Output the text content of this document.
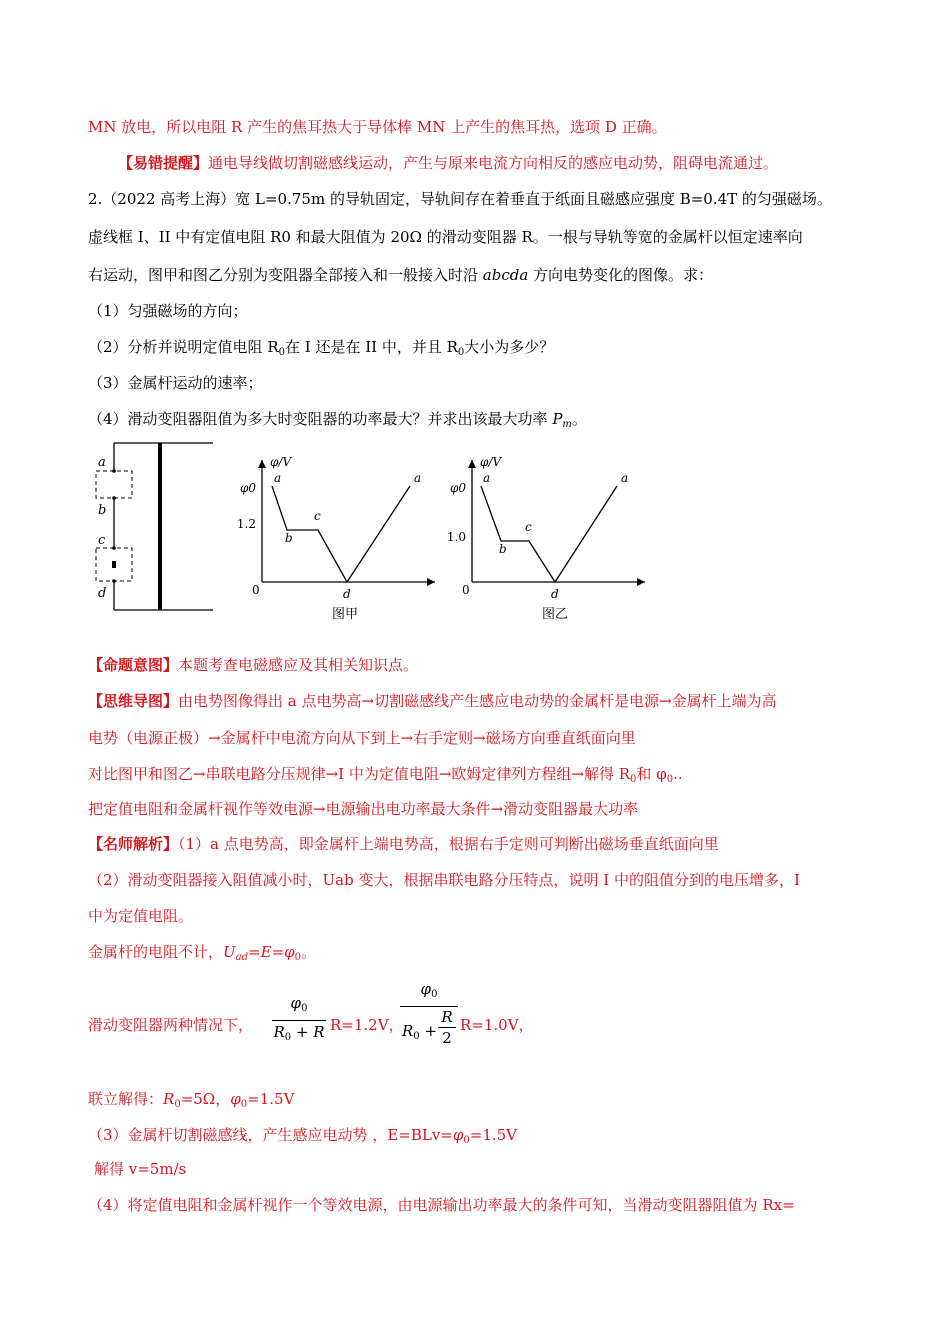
MN 放电，所以电阻 R 产生的焦耳热大于导体棒 MN 上产生的焦耳热，选项 D 正确。
【易错提醒】通电导线做切割磁感线运动，产生与原来电流方向相反的感应电动势，阻碍电流通过。
2.（2022 高考上海）宽 L=0.75m 的导轨固定，导轨间存在着垂直于纸面且磁感应强度 B=0.4T 的匀强磁场。
虚线框 I、II 中有定值电阻 R0 和最大阻值为 20Ω 的滑动变阻器 R。一根与导轨等宽的金属杆以恒定速率向
右运动，图甲和图乙分别为变阻器全部接入和一般接入时沿 abcda 方向电势变化的图像。求：
（1）匀强磁场的方向；
（2）分析并说明定值电阻 $R_0$在 I 还是在 II 中，并且 $R_0$大小为多少？
（3）金属杆运动的速率；
（4）滑动变阻器阻值为多大时变阻器的功率最大？并求出该最大功率 $P_m$。
a
b
c
d
φ/V
0
φ0
1.2
a
b
c
d
a
图甲
φ/V
0
φ0
1.0
a
b
c
d
a
图乙
【命题意图】本题考查电磁感应及其相关知识点。
【思维导图】由电势图像得出 a 点电势高→切割磁感线产生感应电动势的金属杆是电源→金属杆上端为高
电势（电源正极）→金属杆中电流方向从下到上→右手定则→磁场方向垂直纸面向里
对比图甲和图乙→串联电路分压规律→I 中为定值电阻→欧姆定律列方程组→解得 $R_0$和 $\varphi_0$..
把定值电阻和金属杆视作等效电源→电源输出电功率最大条件→滑动变阻器最大功率
【名师解析】（1）a 点电势高，即金属杆上端电势高，根据右手定则可判断出磁场垂直纸面向里
（2）滑动变阻器接入阻值减小时，Uab 变大，根据串联电路分压特点，说明 I 中的阻值分到的电压增多，I
中为定值电阻。
金属杆的电阻不计，$U_{ad}=E=\varphi_0$。
滑动变阻器两种情况下，
$\varphi_0$
$R_0 + R$ R=1.2V，
$\varphi_0$
$R_0$ +
R
2
R=1.0V，
联立解得：$R_0=5\Omega$，$\varphi_0=1.5V$
（3）金属杆切割磁感线，产生感应电动势 ，$E=BLv=\varphi_0=1.5V$
解得 v=5m/s
（4）将定值电阻和金属杆视作一个等效电源，由电源输出功率最大的条件可知，当滑动变阻器阻值为 Rx=
